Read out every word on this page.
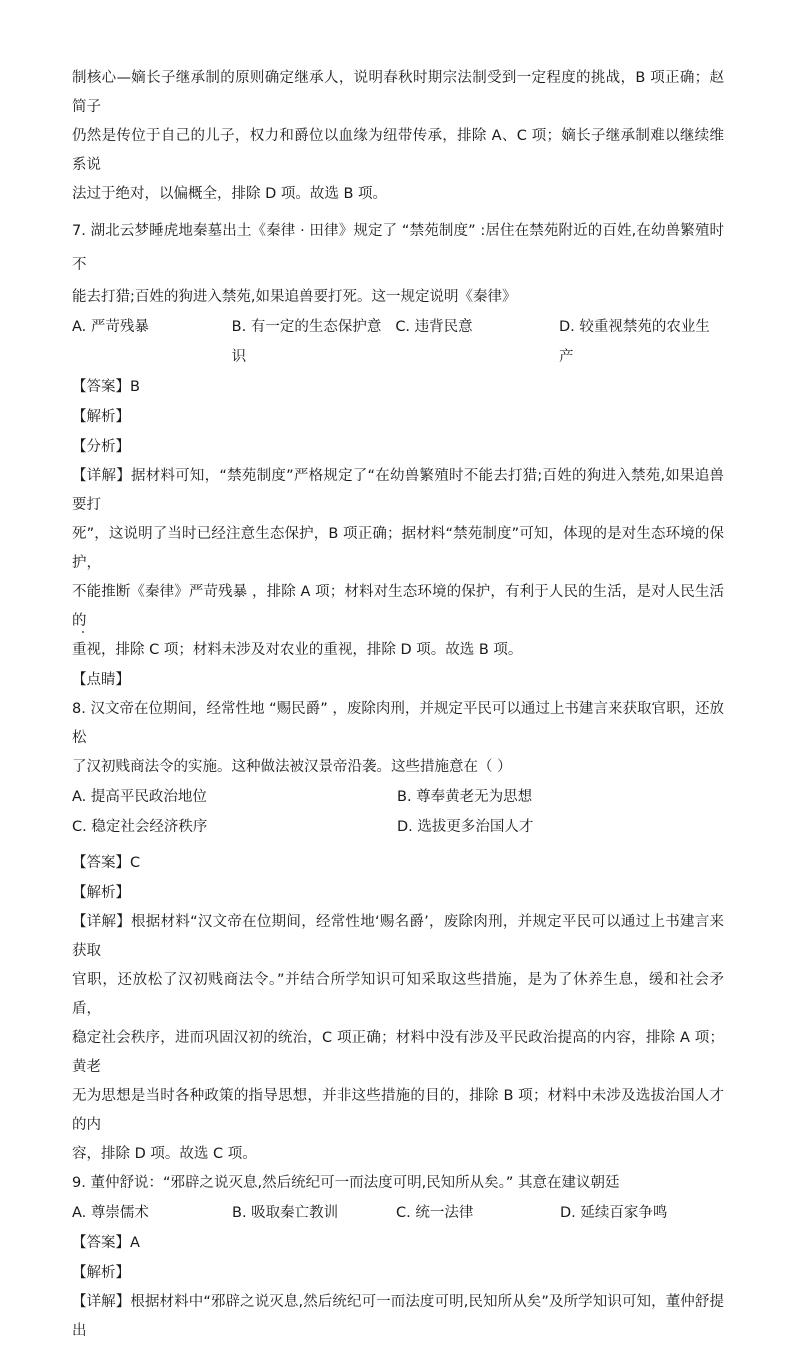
制核心—嫡长子继承制的原则确定继承人，说明春秋时期宗法制受到一定程度的挑战，B 项正确；赵简子

仍然是传位于自己的儿子，权力和爵位以血缘为纽带传承，排除 A、C 项；嫡长子继承制难以继续维系说

法过于绝对，以偏概全，排除 D 项。故选 B 项。

7. 湖北云梦睡虎地秦墓出土《秦律 · 田律》规定了 “禁苑制度” :居住在禁苑附近的百姓,在幼兽繁殖时不

能去打猎;百姓的狗进入禁苑,如果追兽要打死。这一规定说明《秦律》

A. 严苛残暴	B. 有一定的生态保护意识
C. 违背民意	D. 较重视禁苑的农业生产

【答案】B

【解析】

【分析】

【详解】据材料可知，“禁苑制度”严格规定了“在幼兽繁殖时不能去打猎;百姓的狗进入禁苑,如果追兽要打

死”，这说明了当时已经注意生态保护，B 项正确；据材料“禁苑制度”可知，体现的是对生态环境的保护，

不能推断《秦律》严苛残暴 ，排除 A 项；材料对生态环境的保护，有利于人民的生活，是对人民生活的

重视，排除 C 项；材料未涉及对农业的重视，排除 D 项。故选 B 项。

【点睛】

8. 汉文帝在位期间，经常性地 “赐民爵” ，废除肉刑，并规定平民可以通过上书建言来获取官职，还放松

了汉初贱商法令的实施。这种做法被汉景帝沿袭。这些措施意在（ ）

A. 提高平民政治地位	B. 尊奉黄老无为思想
C. 稳定社会经济秩序	D. 选拔更多治国人才

【答案】C

【解析】

【详解】根据材料“汉文帝在位期间，经常性地‘赐名爵’，废除肉刑，并规定平民可以通过上书建言来获取

官职，还放松了汉初贱商法令。”并结合所学知识可知采取这些措施，是为了休养生息，缓和社会矛盾，

稳定社会秩序，进而巩固汉初的统治，C 项正确；材料中没有涉及平民政治提高的内容，排除 A 项；黄老

无为思想是当时各种政策的指导思想，并非这些措施的目的，排除 B 项；材料中未涉及选拔治国人才的内

容，排除 D 项。故选 C 项。

9. 董仲舒说：“邪辟之说灭息,然后统纪可一而法度可明,民知所从矣。” 其意在建议朝廷

A. 尊崇儒术	B. 吸取秦亡教训	C. 统一法律	D. 延续百家争鸣

【答案】A

【解析】

【详解】根据材料中“邪辟之说灭息,然后统纪可一而法度可明,民知所从矣”及所学知识可知，董仲舒提出
